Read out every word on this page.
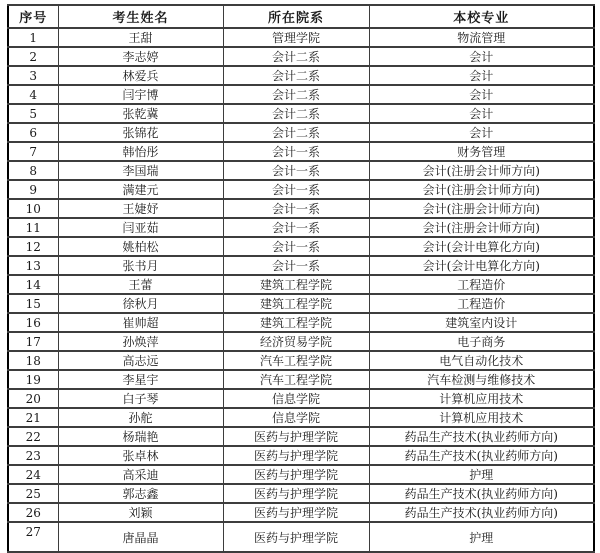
序号	考生姓名	所在院系	本校专业
1	王甜	管理学院	物流管理
2	李志婷	会计二系	会计
3	林爱兵	会计二系	会计
4	闫宇博	会计二系	会计
5	张乾冀	会计二系	会计
6	张锦花	会计二系	会计
7	韩怡彤	会计一系	财务管理
8	李国瑞	会计一系	会计(注册会计师方向)
9	满建元	会计一系	会计(注册会计师方向)
10	王婕妤	会计一系	会计(注册会计师方向)
11	闫亚茹	会计一系	会计(注册会计师方向)
12	姚柏松	会计一系	会计(会计电算化方向)
13	张书月	会计一系	会计(会计电算化方向)
14	王蕾	建筑工程学院	工程造价
15	徐秋月	建筑工程学院	工程造价
16	崔帅超	建筑工程学院	建筑室内设计
17	孙焕萍	经济贸易学院	电子商务
18	高志远	汽车工程学院	电气自动化技术
19	李星宇	汽车工程学院	汽车检测与维修技术
20	白子琴	信息学院	计算机应用技术
21	孙舵	信息学院	计算机应用技术
22	杨瑞艳	医药与护理学院	药品生产技术(执业药师方向)
23	张卓林	医药与护理学院	药品生产技术(执业药师方向)
24	高采迪	医药与护理学院	护理
25	郭志鑫	医药与护理学院	药品生产技术(执业药师方向)
26	刘颖	医药与护理学院	药品生产技术(执业药师方向)
27	唐晶晶	医药与护理学院	护理
